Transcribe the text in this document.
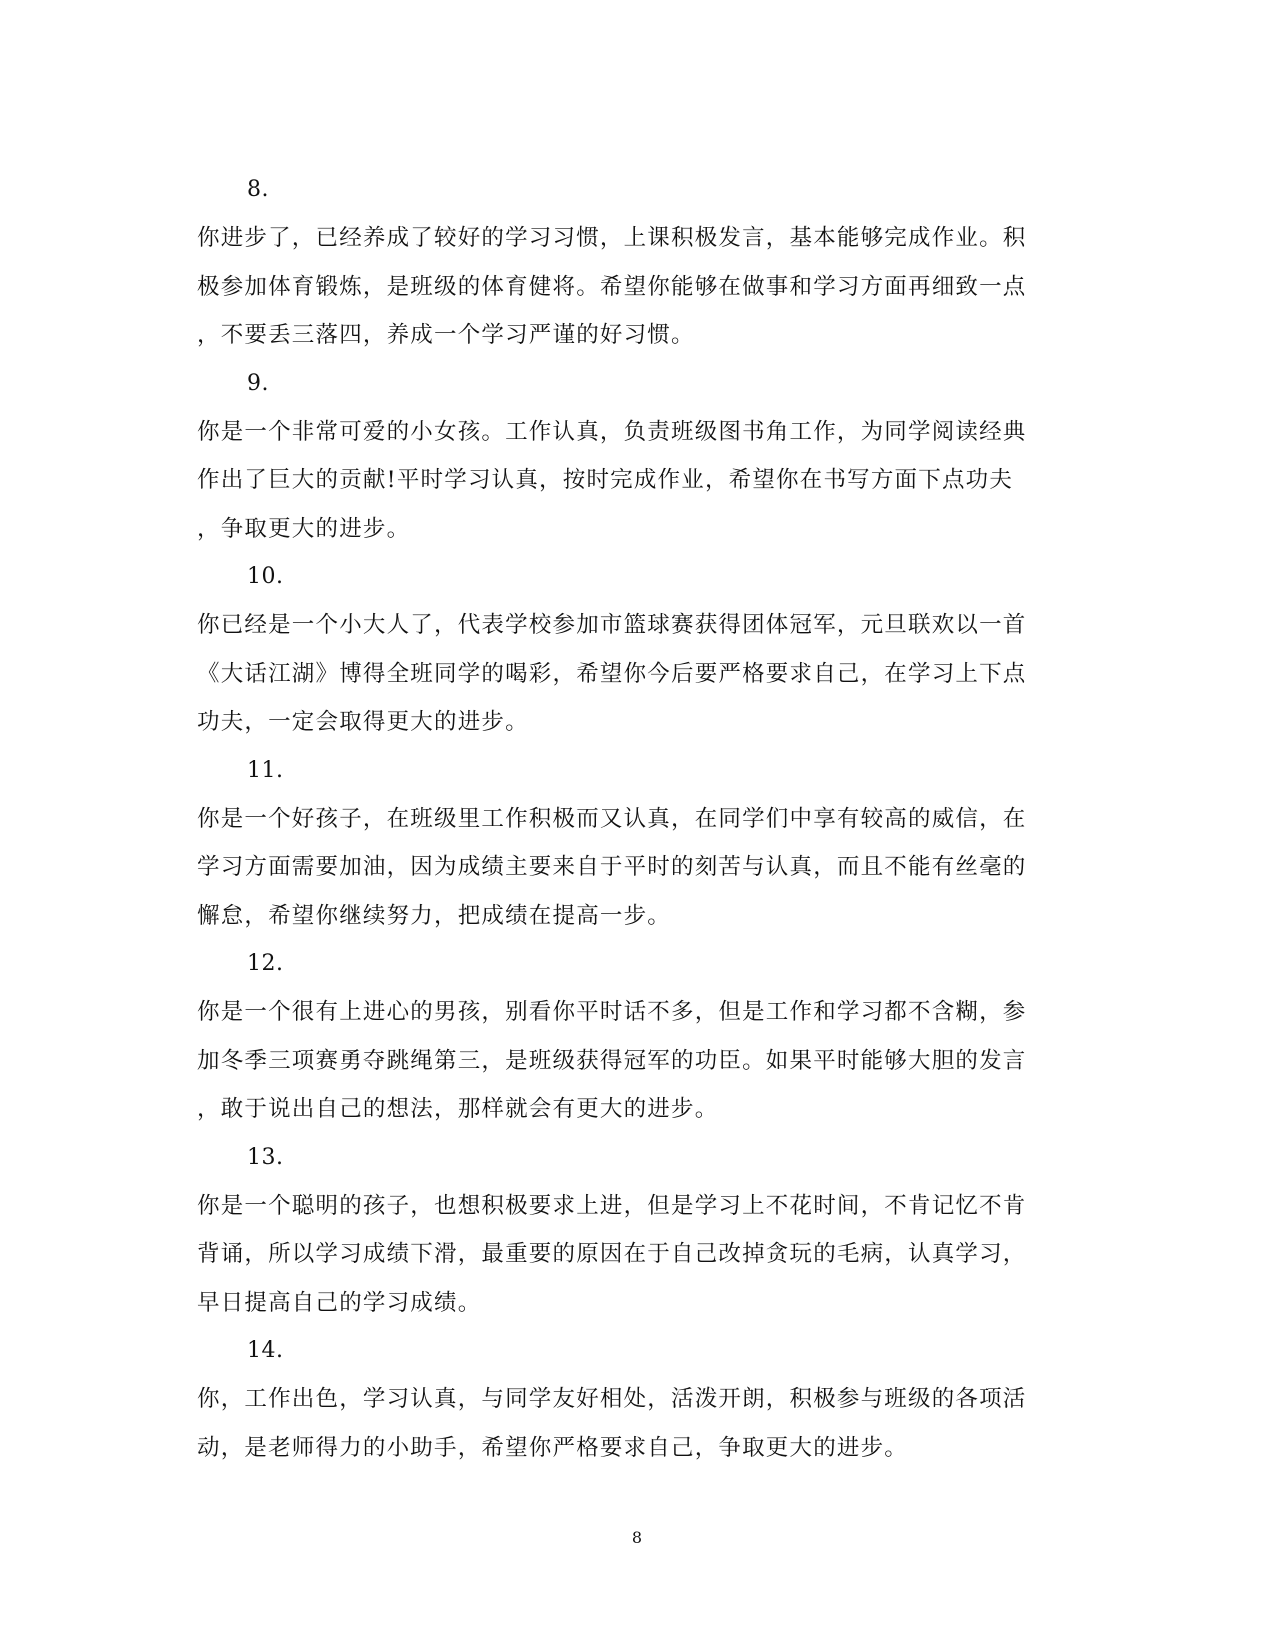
8.
你进步了，已经养成了较好的学习习惯，上课积极发言，基本能够完成作业。积
极参加体育锻炼，是班级的体育健将。希望你能够在做事和学习方面再细致一点
，不要丢三落四，养成一个学习严谨的好习惯。
9.
你是一个非常可爱的小女孩。工作认真，负责班级图书角工作，为同学阅读经典
作出了巨大的贡献!平时学习认真，按时完成作业，希望你在书写方面下点功夫
，争取更大的进步。
10.
你已经是一个小大人了，代表学校参加市篮球赛获得团体冠军，元旦联欢以一首
《大话江湖》博得全班同学的喝彩，希望你今后要严格要求自己，在学习上下点
功夫，一定会取得更大的进步。
11.
你是一个好孩子，在班级里工作积极而又认真，在同学们中享有较高的威信，在
学习方面需要加油，因为成绩主要来自于平时的刻苦与认真，而且不能有丝毫的
懈怠，希望你继续努力，把成绩在提高一步。
12.
你是一个很有上进心的男孩，别看你平时话不多，但是工作和学习都不含糊，参
加冬季三项赛勇夺跳绳第三，是班级获得冠军的功臣。如果平时能够大胆的发言
，敢于说出自己的想法，那样就会有更大的进步。
13.
你是一个聪明的孩子，也想积极要求上进，但是学习上不花时间，不肯记忆不肯
背诵，所以学习成绩下滑，最重要的原因在于自己改掉贪玩的毛病，认真学习，
早日提高自己的学习成绩。
14.
你，工作出色，学习认真，与同学友好相处，活泼开朗，积极参与班级的各项活
动，是老师得力的小助手，希望你严格要求自己，争取更大的进步。
8
